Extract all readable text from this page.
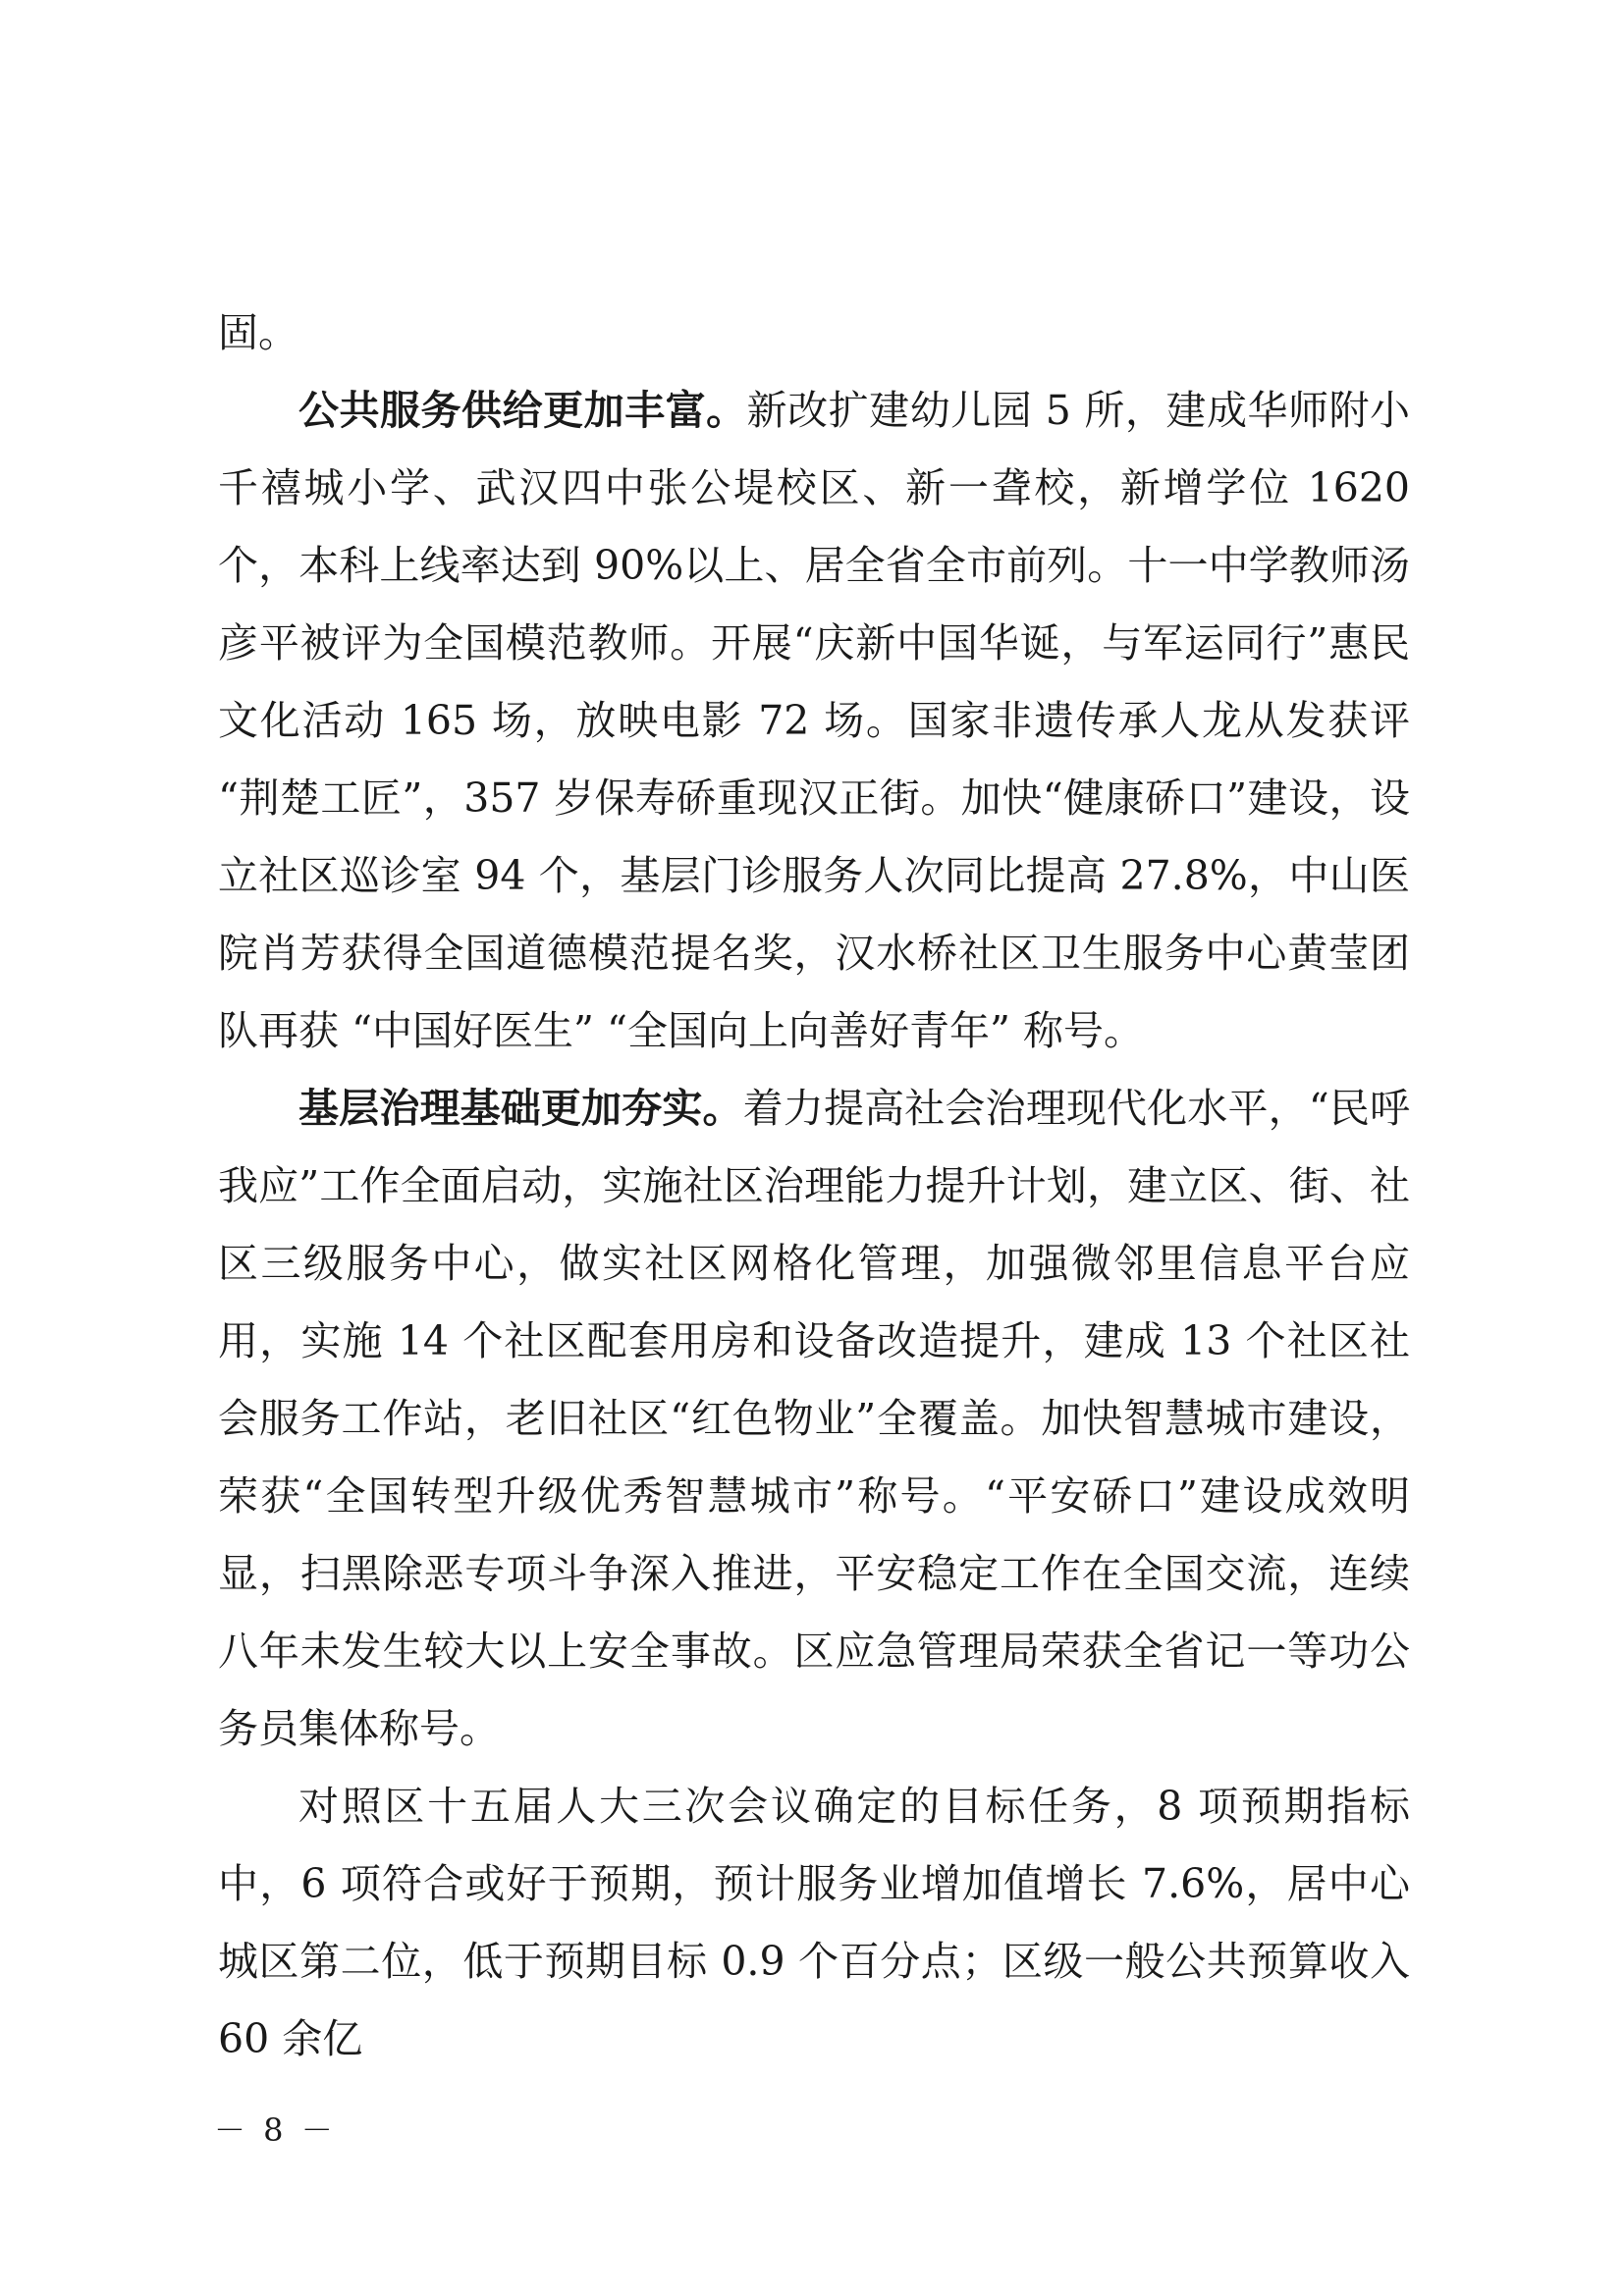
固。

公共服务供给更加丰富。新改扩建幼儿园 5 所，建成华师附小千禧城小学、武汉四中张公堤校区、新一聋校，新增学位 1620 个，本科上线率达到 90%以上、居全省全市前列。十一中学教师汤彦平被评为全国模范教师。开展“庆新中国华诞，与军运同行”惠民文化活动 165 场，放映电影 72 场。国家非遗传承人龙从发获评 “荆楚工匠”，357 岁保寿硚重现汉正街。加快“健康硚口”建设，设立社区巡诊室 94 个，基层门诊服务人次同比提高 27.8%，中山医院肖芳获得全国道德模范提名奖，汉水桥社区卫生服务中心黄莹团队再获 “中国好医生” “全国向上向善好青年” 称号。

基层治理基础更加夯实。着力提高社会治理现代化水平，“民呼我应”工作全面启动，实施社区治理能力提升计划，建立区、街、社区三级服务中心，做实社区网格化管理，加强微邻里信息平台应用，实施 14 个社区配套用房和设备改造提升，建成 13 个社区社会服务工作站，老旧社区“红色物业”全覆盖。加快智慧城市建设，荣获“全国转型升级优秀智慧城市”称号。“平安硚口”建设成效明显，扫黑除恶专项斗争深入推进，平安稳定工作在全国交流，连续八年未发生较大以上安全事故。区应急管理局荣获全省记一等功公务员集体称号。

对照区十五届人大三次会议确定的目标任务，8 项预期指标中，6 项符合或好于预期，预计服务业增加值增长 7.6%，居中心城区第二位，低于预期目标 0.9 个百分点；区级一般公共预算收入 60 余亿

－ 8 －
